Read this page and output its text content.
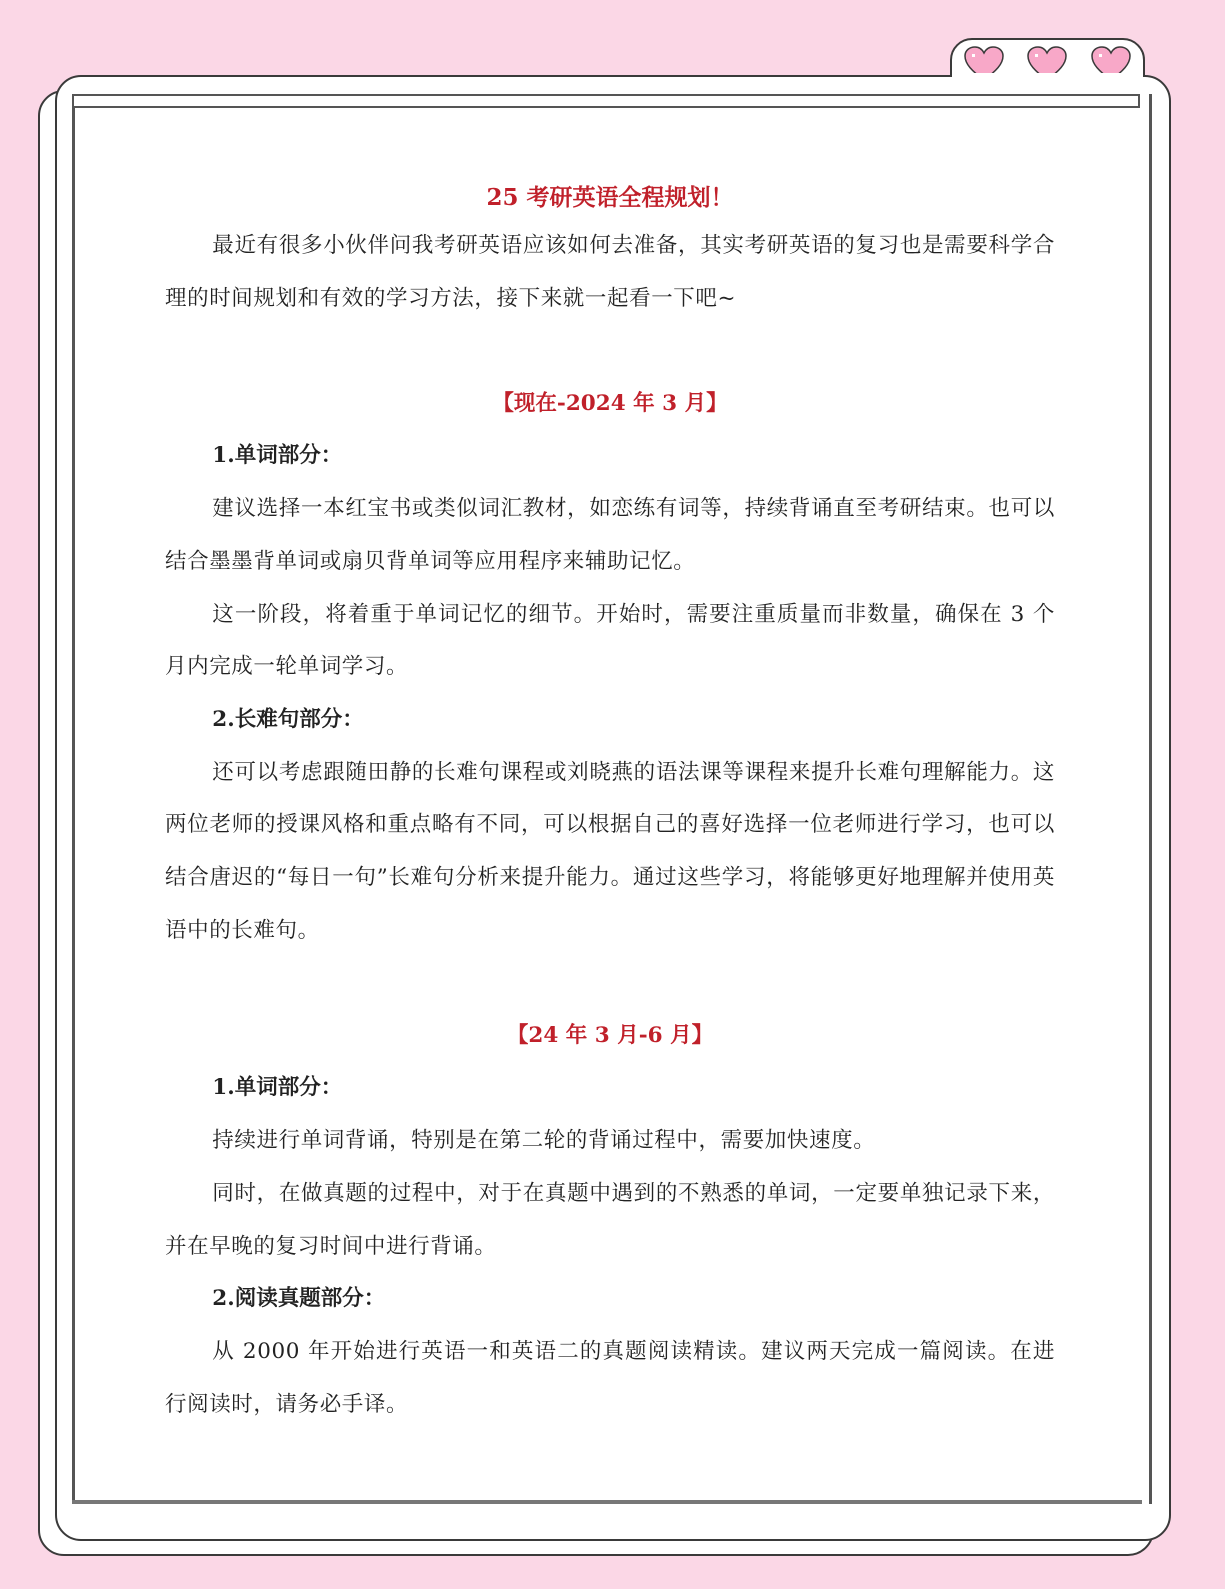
25 考研英语全程规划！

最近有很多小伙伴问我考研英语应该如何去准备，其实考研英语的复习也是需要科学合理的时间规划和有效的学习方法，接下来就一起看一下吧~

【现在-2024 年 3 月】
1.单词部分：

建议选择一本红宝书或类似词汇教材，如恋练有词等，持续背诵直至考研结束。也可以结合墨墨背单词或扇贝背单词等应用程序来辅助记忆。

这一阶段，将着重于单词记忆的细节。开始时，需要注重质量而非数量，确保在 3 个月内完成一轮单词学习。

2.长难句部分：

还可以考虑跟随田静的长难句课程或刘晓燕的语法课等课程来提升长难句理解能力。这两位老师的授课风格和重点略有不同，可以根据自己的喜好选择一位老师进行学习，也可以结合唐迟的“每日一句”长难句分析来提升能力。通过这些学习，将能够更好地理解并使用英语中的长难句。

【24 年 3 月-6 月】
1.单词部分：

持续进行单词背诵，特别是在第二轮的背诵过程中，需要加快速度。

同时，在做真题的过程中，对于在真题中遇到的不熟悉的单词，一定要单独记录下来，并在早晚的复习时间中进行背诵。

2.阅读真题部分：

从 2000 年开始进行英语一和英语二的真题阅读精读。建议两天完成一篇阅读。在进行阅读时，请务必手译。
